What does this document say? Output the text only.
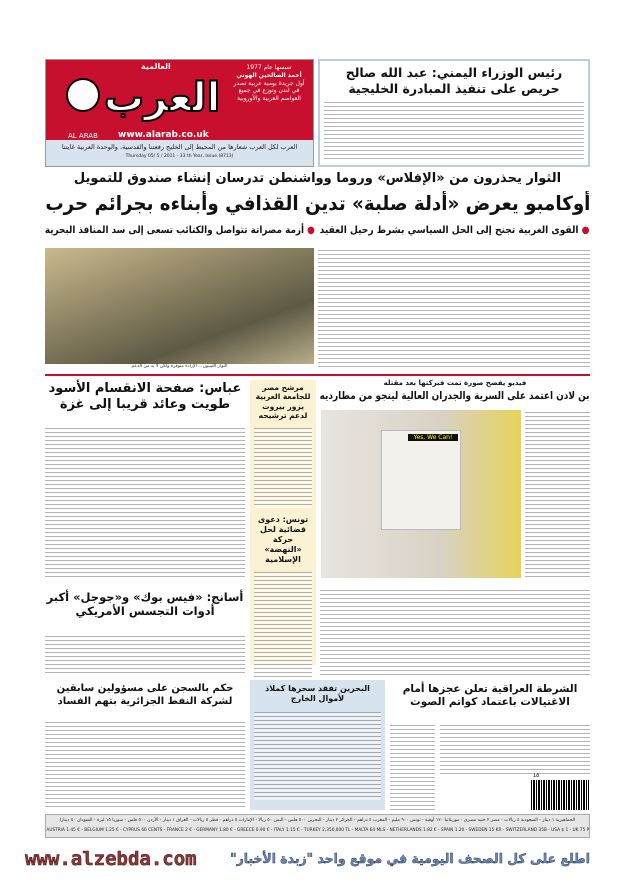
العرب
العالمية
AL ARAB www.alarab.co.uk
تسسها عام 1977
أحمد الصالحين الهوني
أول جريدة يومية عربية تصدر في لندن وتوزع في جميع العواصم العربية والأوروبية
العرب لكل العرب شعارها من المحيط إلى الخليج رفعتنا والقدسية، والوحدة العربية غايتنا
Thursday 05/ 5 / 2011 - 33 th Year, Issue (8713)
رئيس الوزراء اليمني: عبد الله صالح حريص على تنفيذ المبادرة الخليجية
الثوار يحذرون من «الإفلاس» وروما وواشنطن تدرسان إنشاء صندوق للتمويل
أوكامبو يعرض «أدلة صلبة» تدين القذافي وأبناءه بجرائم حرب
● القوى الغربية تجنح إلى الحل السياسي بشرط رحيل العقيد
● أزمة مصراتة تتواصل والكتائب تسعى إلى سد المنافذ البحرية
الثوار الليبيون... الإرادة متوفرة ولكن لا بد من الدعم
عباس: صفحة الانقسام الأسود طويت وعائد قريبا إلى غزة
مرشح مصر للجامعة العربية يزور بيروت لدعم ترشيحه
تونس: دعوى قضائية لحل حركة «النهضة» الإسلامية
فيديو يفضح صورة تمت فبركتها بعد مقتله
بن لادن اعتمد على السرية والجدران العالية لينجو من مطارديه
Yes, We Can!
أسانج: «فيس بوك» و«جوجل» أكبر أدوات التجسس الأمريكي
الشرطة العراقية تعلن عجزها أمام الاغتيالات باعتماد كواتم الصوت
18
البحرين تفقد سحرها كملاذ لأموال الخارج
حكم بالسجن على مسؤولين سابقين لشركة النفط الجزائرية بتهم الفساد
الجماهيرية ١ دينار - السعودية ٤ ريالات - مصر ٢ جنيه مصري - موريتانيا ١٢٠ أوقية - تونس ٩٠٠ مليم - المغرب ٤ دراهم - الجزائر ٢ دينار - البحرين ٥٠٠ فلس - اليمن ٥٠ ريالا - الإمارات ٥ دراهم - قطر ٥ ريالات - العراق ١ دينار - الأردن ٥٠٠ فلس - سوريا ١٥ ليرة - السودان ٥٠ دينارا
AUSTRIA 1.45 € - BELGIUM 1.25 € - CYPRUS 66 CENTS - FRANCE 2 € - GERMANY 1.80 € - GREECE 0.90 € - ITALY 1.15 € - TURKEY 2,350,000 TL - MALTA 64 MLS - NETHERLANDS 1.82 € - SPAIN 1.20 - SWEDEN 15 KR - SWITZERLAND 35B - USA $ 1 - UK 75 P
اطلع على كل الصحف اليومية في موقع واحد "زبدة الأخبار"
www.alzebda.com
